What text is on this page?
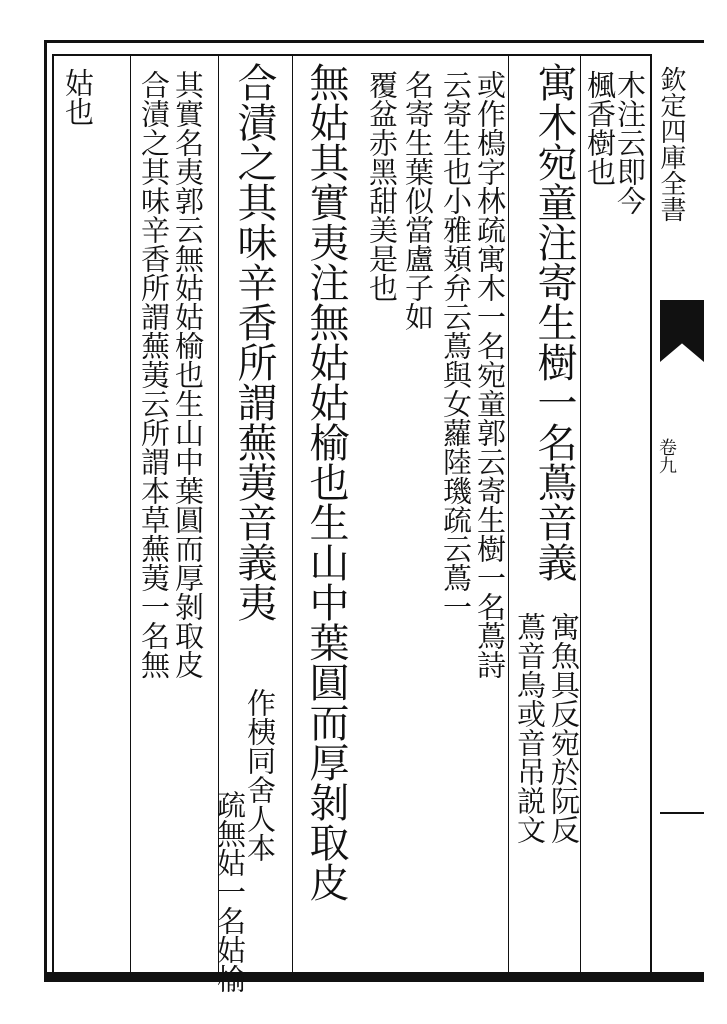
欽定四庫全書
卷九
木注云即今
楓香樹也
寓木宛童注寄生樹一名蔦音義
寓魚具反宛於阮反
蔦音鳥或音吊説文
或作樢字林疏寓木一名宛童郭云寄生樹一名蔦詩
云寄生也小雅頍弁云蔦與女蘿陸璣疏云蔦一
名寄生葉似當盧子如
覆盆赤黑甜美是也
無姑其實夷注無姑姑榆也生山中葉圓而厚剝取皮
合漬之其味辛香所謂蕪荑音義夷
作桋同舍人本
疏無姑一名姑榆
其實名夷郭云無姑姑榆也生山中葉圓而厚剝取皮
合漬之其味辛香所謂蕪荑云所謂本草蕪荑一名無
姑也
